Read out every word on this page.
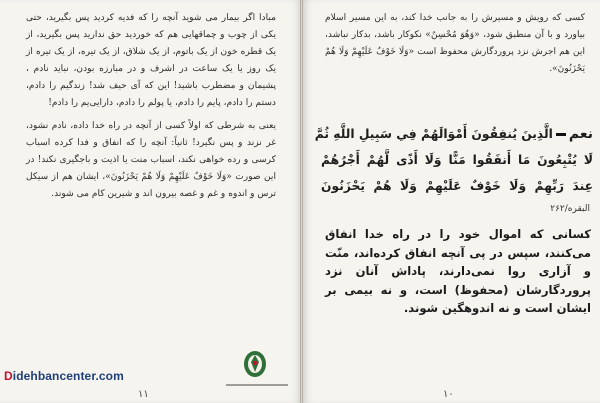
مبادا اگر بیمار می شوید آنچه را که فدیه کردید پس بگیرید، حتی یکی از چوب و چماقهایی هم که خوردید حق ندارید پس بگیرید، از یک قطره خون از یک باتوم، از یک شلاق، از یک تیره، از یک تیره از یک روز یا یک ساعت در اشرف و در مبارزه بودن، نباید نادم ، پشیمان و مضطرب باشید! این که آی حیف شد! زندگیم را دادم، دستم را دادم، پایم را دادم، یا پولم را دادم، دارایی‌یم را دادم!

یعنی به شرطی که اولاً کسی از آنچه در راه خدا داده، نادم نشود، غر نزند و پس نگیرد! ثانیاً: آنچه را که انفاق و فدا کرده اسباب کرسی و رده خواهی نکند، اسباب منت یا اذیت و باجگیری نکند! در این صورت «وَلَا خَوْفٌ عَلَيْهِمْ وَلَا هُمْ يَحْزَنُونَ»، ایشان هم از سیکل ترس و اندوه و غم و غصه بیرون اند و شیرین کام می شوند.

۱۱

کسی که رویش و مسیرش را به جانب خدا کند، به این مسیر اسلام بیاورد و با آن منطبق شود، «وَهُوَ مُحْسِنٌ» نکوکار باشد، بدکار نباشد، این هم اجرش نزد پروردگارش محفوظ است «وَلَا خَوْفٌ عَلَيْهِمْ وَلَا هُمْ يَحْزَنُونَ».

نعمالَّذِينَ يُنفِقُونَ أَمْوَالَهُمْ فِي سَبِيلِ اللَّهِ ثُمَّ
لَا يُتْبِعُونَ مَا أَنفَقُوا مَنًّا وَلَا أَذًى لَّهُمْ أَجْرُهُمْ
عِندَ رَبِّهِمْ وَلَا خَوْفٌ عَلَيْهِمْ وَلَا هُمْ يَحْزَنُونَ
البقره/۲۶۲

کسانی که اموال خود را در راه خدا انفاق می‌کنند، سپس در پی آنچه انفاق کرده‌اند، منّت و آزاری روا نمی‌دارند، پاداش آنان نزد پروردگارشان (محفوظ) است، و نه بیمی بر ایشان است و نه اندوهگین شوند.

۱۰
Didehbancenter.com
